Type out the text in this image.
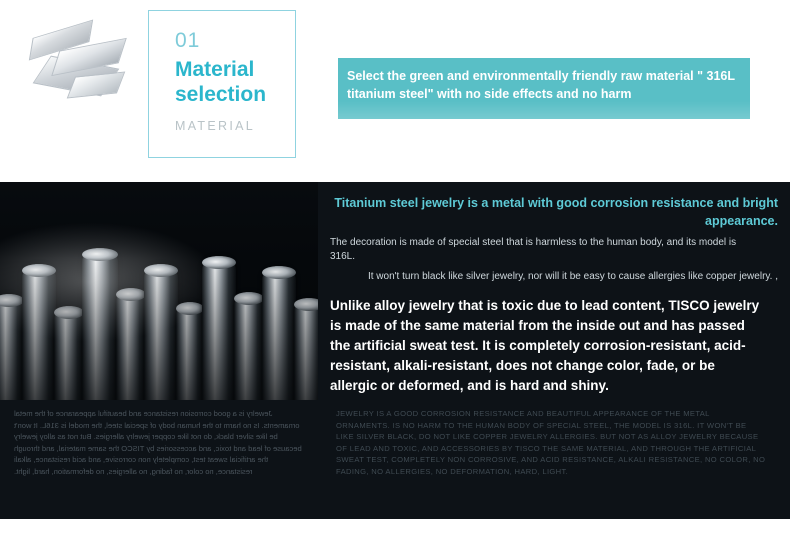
01
Material selection
MATERIAL
Select the green and environmentally friendly raw material " 316L titanium steel" with no side effects and no harm
Jewelry is a good corrosion resistance and beautiful appearance of the metal ornaments. Is no harm to the human body of special steel, the model is 316L. It won't be like silver black, do not like copper jewelry allergies. But not as alloy jewelry because of lead and toxic, and accessories by TISCO the same material, and through the artificial sweat test, completely non corrosive, and acid resistance, alkali resistance, no color, no fading, no allergies, no deformation, hard, light.
Titanium steel jewelry is a metal with good corrosion resistance and bright appearance.
The decoration is made of special steel that is harmless to the human body, and its model is 316L.
It won't turn black like silver jewelry, nor will it be easy to cause allergies like copper jewelry. ,
Unlike alloy jewelry that is toxic due to lead content, TISCO jewelry is made of the same material from the inside out and has passed the artificial sweat test. It is completely corrosion-resistant, acid-resistant, alkali-resistant, does not change color, fade, or be allergic or deformed, and is hard and shiny.
JEWELRY IS A GOOD CORROSION RESISTANCE AND BEAUTIFUL APPEARANCE OF THE METAL ORNAMENTS. IS NO HARM TO THE HUMAN BODY OF SPECIAL STEEL, THE MODEL IS 316L. IT WON'T BE LIKE SILVER BLACK, DO NOT LIKE COPPER JEWELRY ALLERGIES. BUT NOT AS ALLOY JEWELRY BECAUSE OF LEAD AND TOXIC, AND ACCESSORIES BY TISCO THE SAME MATERIAL, AND THROUGH THE ARTIFICIAL SWEAT TEST, COMPLETELY NON CORROSIVE, AND ACID RESISTANCE, ALKALI RESISTANCE, NO COLOR, NO FADING, NO ALLERGIES, NO DEFORMATION, HARD, LIGHT.
